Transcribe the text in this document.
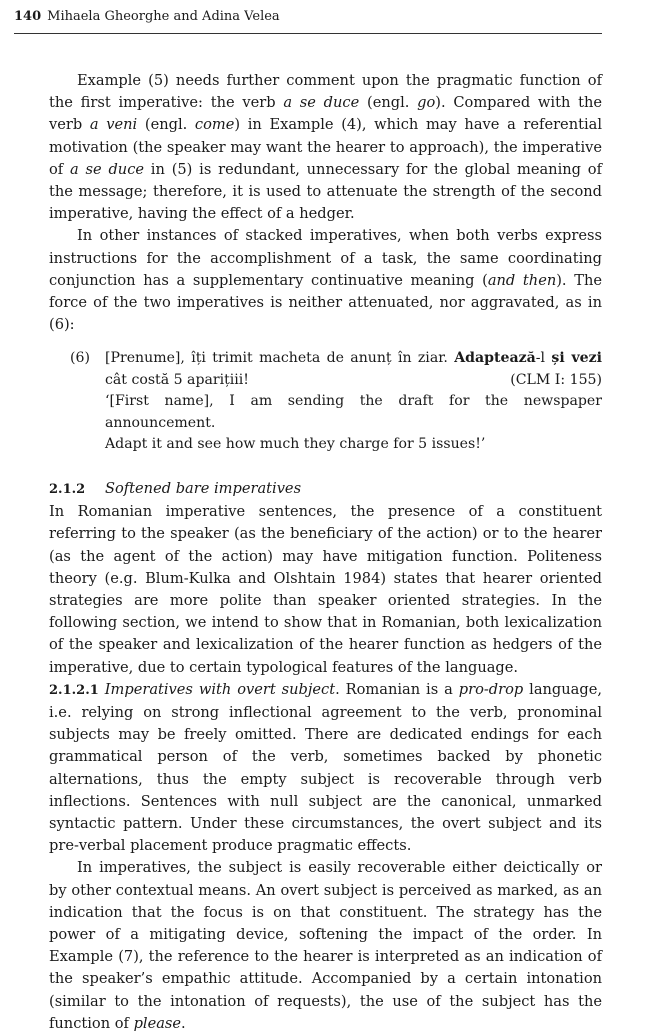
140 Mihaela Gheorghe and Adina Velea

Example (5) needs further comment upon the pragmatic function of the first imperative: the verb a se duce (engl. go). Compared with the verb a veni (engl. come) in Example (4), which may have a referential motivation (the speaker may want the hearer to approach), the imperative of a se duce in (5) is redundant, unnecessary for the global meaning of the message; therefore, it is used to attenuate the strength of the second imperative, having the effect of a hedger.

In other instances of stacked imperatives, when both verbs express instructions for the accomplishment of a task, the same coordinating conjunction has a supplementary continuative meaning (and then). The force of the two imperatives is neither attenuated, nor aggravated, as in (6):

(6) [Prenume], îți trimit macheta de anunț în ziar. Adaptează-l și vezi cât costă 5 aparițiii!	(CLM I: 155)
‘[First name], I am sending the draft for the newspaper announcement.
Adapt it and see how much they charge for 5 issues!’
2.1.2 Softened bare imperatives

In Romanian imperative sentences, the presence of a constituent referring to the speaker (as the beneficiary of the action) or to the hearer (as the agent of the action) may have mitigation function. Politeness theory (e.g. Blum-Kulka and Olshtain 1984) states that hearer oriented strategies are more polite than speaker oriented strategies. In the following section, we intend to show that in Romanian, both lexicalization of the speaker and lexicalization of the hearer function as hedgers of the imperative, due to certain typological features of the language.

2.1.2.1 Imperatives with overt subject. Romanian is a pro-drop language, i.e. relying on strong inflectional agreement to the verb, pronominal subjects may be freely omitted. There are dedicated endings for each grammatical person of the verb, sometimes backed by phonetic alternations, thus the empty subject is recoverable through verb inflections. Sentences with null subject are the canonical, unmarked syntactic pattern. Under these circumstances, the overt subject and its pre-verbal placement produce pragmatic effects.

In imperatives, the subject is easily recoverable either deictically or by other contextual means. An overt subject is perceived as marked, as an indication that the focus is on that constituent. The strategy has the power of a mitigating device, softening the impact of the order. In Example (7), the reference to the hearer is interpreted as an indication of the speaker’s empathic attitude. Accompanied by a certain intonation (similar to the intonation of requests), the use of the subject has the function of please.
